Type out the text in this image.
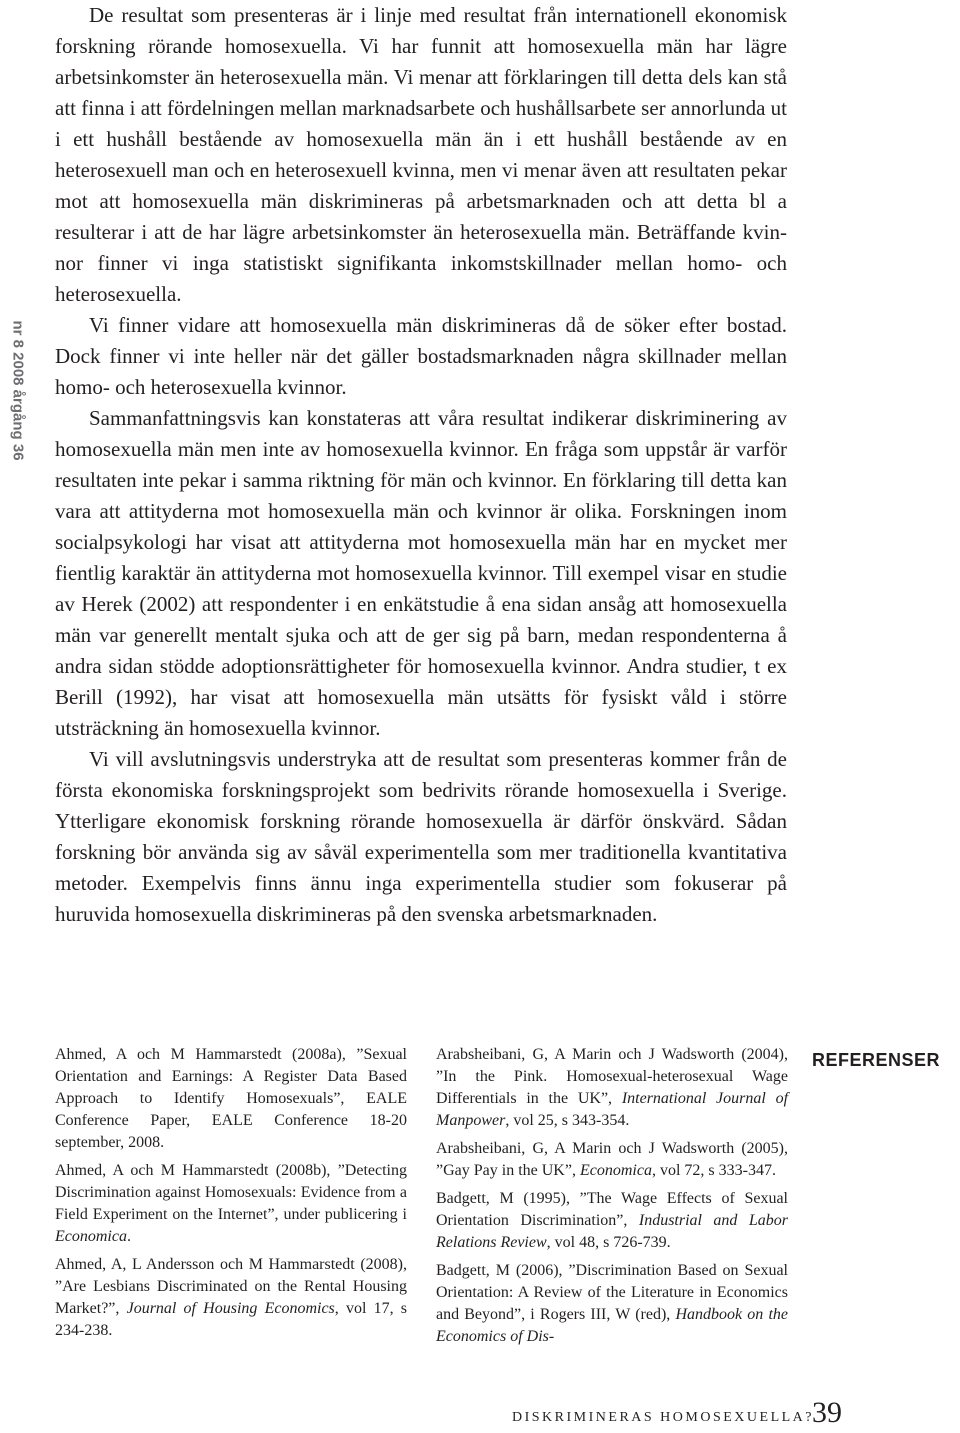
nr 8 2008 årgång 36

De resultat som presenteras är i linje med resultat från internationell ekonomisk forskning rörande homosexuella. Vi har funnit att homosexuella män har lägre arbetsinkomster än heterosexuella män. Vi menar att förklaringen till detta dels kan stå att finna i att fördelningen mellan marknadsarbete och hushållsarbete ser annorlunda ut i ett hushåll bestående av homosexuella män än i ett hushåll bestående av en heterosexuell man och en heterosexuell kvinna, men vi menar även att resultaten pekar mot att homosexuella män diskrimineras på arbetsmarknaden och att detta bl a resulterar i att de har lägre arbetsinkomster än heterosexuella män. Beträffande kvinnor finner vi inga statistiskt signifikanta inkomstskillnader mellan homo- och heterosexuella.

Vi finner vidare att homosexuella män diskrimineras då de söker efter bostad. Dock finner vi inte heller när det gäller bostadsmarknaden några skillnader mellan homo- och heterosexuella kvinnor.

Sammanfattningsvis kan konstateras att våra resultat indikerar diskriminering av homosexuella män men inte av homosexuella kvinnor. En fråga som uppstår är varför resultaten inte pekar i samma riktning för män och kvinnor. En förklaring till detta kan vara att attityderna mot homosexuella män och kvinnor är olika. Forskningen inom socialpsykologi har visat att attityderna mot homosexuella män har en mycket mer fientlig karaktär än attityderna mot homosexuella kvinnor. Till exempel visar en studie av Herek (2002) att respondenter i en enkätstudie å ena sidan ansåg att homosexuella män var generellt mentalt sjuka och att de ger sig på barn, medan respondenterna å andra sidan stödde adoptionsrättigheter för homosexuella kvinnor. Andra studier, t ex Berill (1992), har visat att homosexuella män utsätts för fysiskt våld i större utsträckning än homosexuella kvinnor.

Vi vill avslutningsvis understryka att de resultat som presenteras kommer från de första ekonomiska forskningsprojekt som bedrivits rörande homosexuella i Sverige. Ytterligare ekonomisk forskning rörande homosexuella är därför önskvärd. Sådan forskning bör använda sig av såväl experimentella som mer traditionella kvantitativa metoder. Exempelvis finns ännu inga experimentella studier som fokuserar på huruvida homosexuella diskrimineras på den svenska arbetsmarknaden.

Ahmed, A och M Hammarstedt (2008a), ”Sexual Orientation and Earnings: A Register Data Based Approach to Identify Homosexuals”, EALE Conference Paper, EALE Conference 18-20 september, 2008.

Ahmed, A och M Hammarstedt (2008b), ”Detecting Discrimination against Homosexuals: Evidence from a Field Experiment on the Internet”, under publicering i Economica.

Ahmed, A, L Andersson och M Hammarstedt (2008), ”Are Lesbians Discriminated on the Rental Housing Market?”, Journal of Housing Economics, vol 17, s 234-238.

Arabsheibani, G, A Marin och J Wadsworth (2004), ”In the Pink. Homosexual-heterosexual Wage Differentials in the UK”, International Journal of Manpower, vol 25, s 343-354.

Arabsheibani, G, A Marin och J Wadsworth (2005), ”Gay Pay in the UK”, Economica, vol 72, s 333-347.

Badgett, M (1995), ”The Wage Effects of Sexual Orientation Discrimination”, Industrial and Labor Relations Review, vol 48, s 726-739.

Badgett, M (2006), ”Discrimination Based on Sexual Orientation: A Review of the Literature in Economics and Beyond”, i Rogers III, W (red), Handbook on the Economics of Dis-

REFERENSER
DISKRIMINERAS HOMOSEXUELLA?
39
